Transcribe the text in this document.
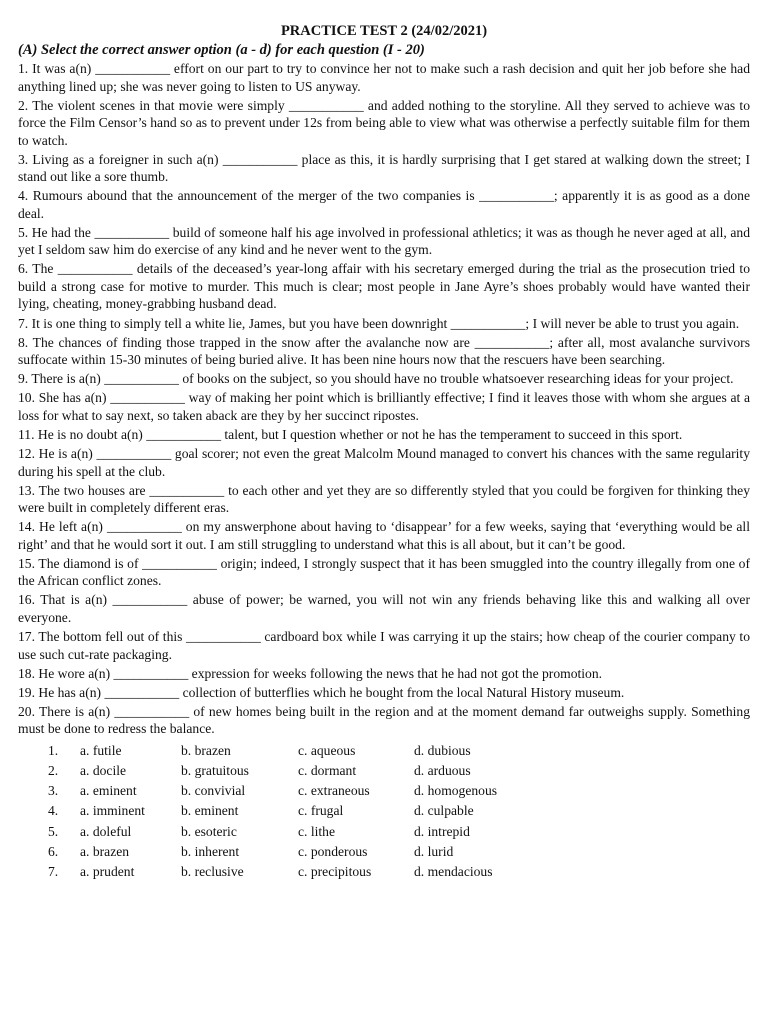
PRACTICE TEST 2 (24/02/2021)
(A) Select the correct answer option (a - d) for each question (I - 20)
1. It was a(n) ___________ effort on our part to try to convince her not to make such a rash decision and quit her job before she had anything lined up; she was never going to listen to US anyway.
2. The violent scenes in that movie were simply ___________ and added nothing to the storyline. All they served to achieve was to force the Film Censor’s hand so as to prevent under 12s from being able to view what was otherwise a perfectly suitable film for them to watch.
3. Living as a foreigner in such a(n) ___________ place as this, it is hardly surprising that I get stared at walking down the street; I stand out like a sore thumb.
4. Rumours abound that the announcement of the merger of the two companies is ___________; apparently it is as good as a done deal.
5. He had the ___________ build of someone half his age involved in professional athletics; it was as though he never aged at all, and yet I seldom saw him do exercise of any kind and he never went to the gym.
6. The ___________ details of the deceased’s year-long affair with his secretary emerged during the trial as the prosecution tried to build a strong case for motive to murder. This much is clear; most people in Jane Ayre’s shoes probably would have wanted their lying, cheating, money-grabbing husband dead.
7. It is one thing to simply tell a white lie, James, but you have been downright ___________; I will never be able to trust you again.
8. The chances of finding those trapped in the snow after the avalanche now are ___________; after all, most avalanche survivors suffocate within 15-30 minutes of being buried alive. It has been nine hours now that the rescuers have been searching.
9. There is a(n) ___________ of books on the subject, so you should have no trouble whatsoever researching ideas for your project.
10. She has a(n) ___________ way of making her point which is brilliantly effective; I find it leaves those with whom she argues at a loss for what to say next, so taken aback are they by her succinct ripostes.
11. He is no doubt a(n) ___________ talent, but I question whether or not he has the temperament to succeed in this sport.
12. He is a(n) ___________ goal scorer; not even the great Malcolm Mound managed to convert his chances with the same regularity during his spell at the club.
13. The two houses are ___________ to each other and yet they are so differently styled that you could be forgiven for thinking they were built in completely different eras.
14. He left a(n) ___________ on my answerphone about having to ‘disappear’ for a few weeks, saying that ‘everything would be all right’ and that he would sort it out. I am still struggling to understand what this is all about, but it can’t be good.
15. The diamond is of ___________ origin; indeed, I strongly suspect that it has been smuggled into the country illegally from one of the African conflict zones.
16. That is a(n) ___________ abuse of power; be warned, you will not win any friends behaving like this and walking all over everyone.
17. The bottom fell out of this ___________ cardboard box while I was carrying it up the stairs; how cheap of the courier company to use such cut-rate packaging.
18. He wore a(n) ___________ expression for weeks following the news that he had not got the promotion.
19. He has a(n) ___________ collection of butterflies which he bought from the local Natural History museum.
20. There is a(n) ___________ of new homes being built in the region and at the moment demand far outweighs supply. Something must be done to redress the balance.
1. a. futile	b. brazen	c. aqueous	d. dubious
2. a. docile	b. gratuitous	c. dormant	d. arduous
3. a. eminent	b. convivial	c. extraneous	d. homogenous
4. a. imminent	b. eminent	c. frugal	d. culpable
5. a. doleful	b. esoteric	c. lithe	d. intrepid
6. a. brazen	b. inherent	c. ponderous	d. lurid
7. a. prudent	b. reclusive	c. precipitous	d. mendacious
